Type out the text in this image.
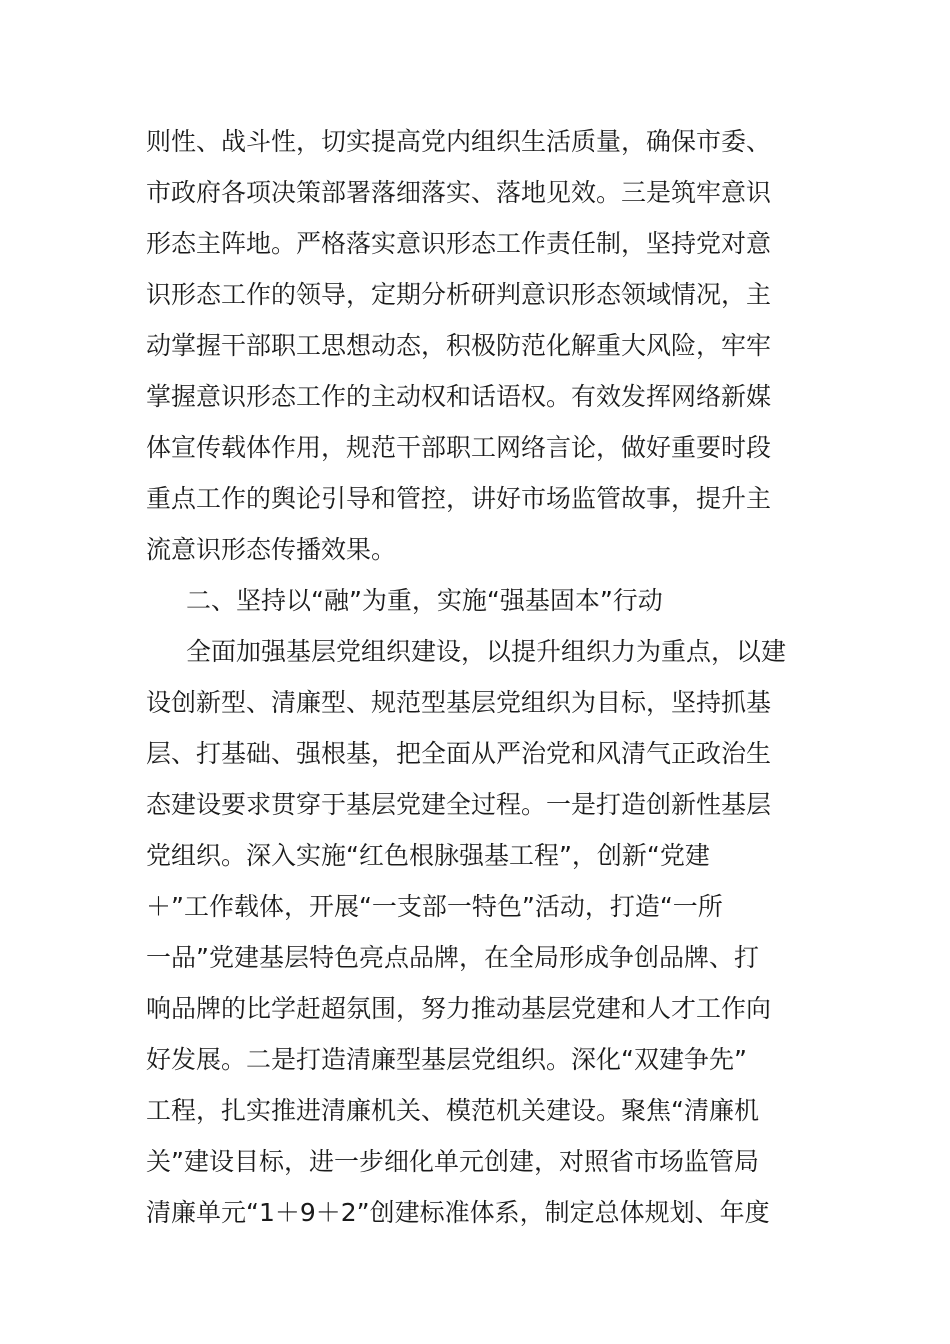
则性、战斗性，切实提高党内组织生活质量，确保市委、
市政府各项决策部署落细落实、落地见效。三是筑牢意识
形态主阵地。严格落实意识形态工作责任制，坚持党对意
识形态工作的领导，定期分析研判意识形态领域情况，主
动掌握干部职工思想动态，积极防范化解重大风险，牢牢
掌握意识形态工作的主动权和话语权。有效发挥网络新媒
体宣传载体作用，规范干部职工网络言论，做好重要时段
重点工作的舆论引导和管控，讲好市场监管故事，提升主
流意识形态传播效果。
二、坚持以“融”为重，实施“强基固本”行动
全面加强基层党组织建设，以提升组织力为重点，以建
设创新型、清廉型、规范型基层党组织为目标，坚持抓基
层、打基础、强根基，把全面从严治党和风清气正政治生
态建设要求贯穿于基层党建全过程。一是打造创新性基层
党组织。深入实施“红色根脉强基工程”，创新“党建
＋”工作载体，开展“一支部一特色”活动，打造“一所
一品”党建基层特色亮点品牌，在全局形成争创品牌、打
响品牌的比学赶超氛围，努力推动基层党建和人才工作向
好发展。二是打造清廉型基层党组织。深化“双建争先”
工程，扎实推进清廉机关、模范机关建设。聚焦“清廉机
关”建设目标，进一步细化单元创建，对照省市场监管局
清廉单元“1＋9＋2”创建标准体系，制定总体规划、年度
